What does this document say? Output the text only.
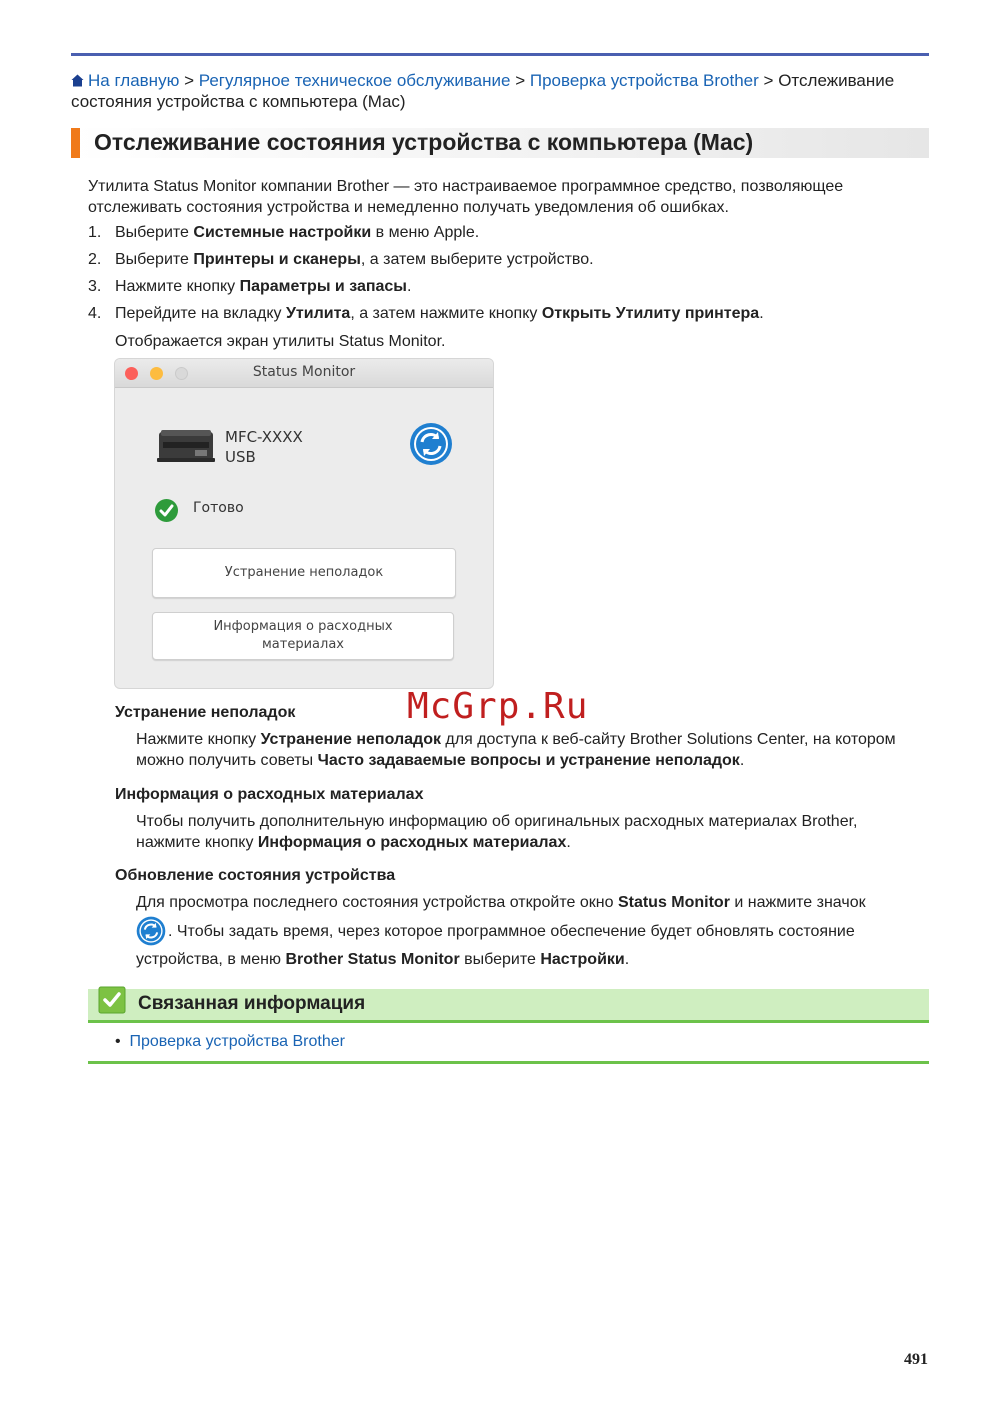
На главную > Регулярное техническое обслуживание > Проверка устройства Brother > Отслеживание состояния устройства с компьютера (Mac)
Отслеживание состояния устройства с компьютера (Mac)
Утилита Status Monitor компании Brother — это настраиваемое программное средство, позволяющее отслеживать состояния устройства и немедленно получать уведомления об ошибках.
1. Выберите Системные настройки в меню Apple.
2. Выберите Принтеры и сканеры, а затем выберите устройство.
3. Нажмите кнопку Параметры и запасы.
4. Перейдите на вкладку Утилита, а затем нажмите кнопку Открыть Утилиту принтера.
Отображается экран утилиты Status Monitor.
Status Monitor
MFC-XXXX
USB
Готово
Устранение неполадок
Информация о расходных материалах
McGrp.Ru
Устранение неполадок
Нажмите кнопку Устранение неполадок для доступа к веб-сайту Brother Solutions Center, на котором можно получить советы Часто задаваемые вопросы и устранение неполадок.
Информация о расходных материалах
Чтобы получить дополнительную информацию об оригинальных расходных материалах Brother, нажмите кнопку Информация о расходных материалах.
Обновление состояния устройства
Для просмотра последнего состояния устройства откройте окно Status Monitor и нажмите значок
. Чтобы задать время, через которое программное обеспечение будет обновлять состояние устройства, в меню Brother Status Monitor выберите Настройки.
Связанная информация
• Проверка устройства Brother
491
